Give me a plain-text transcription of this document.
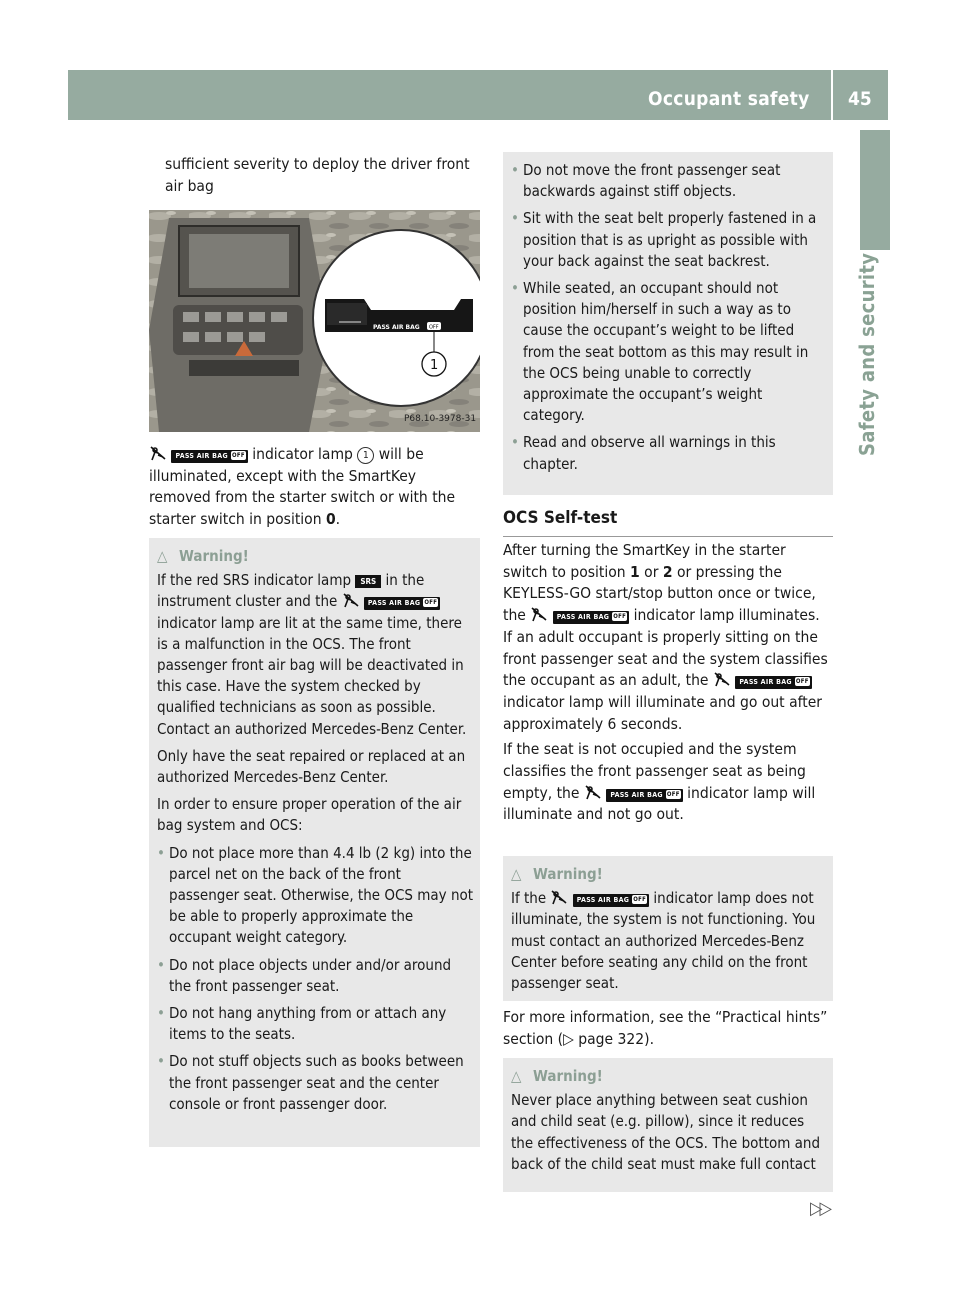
Occupant safety 45
Safety and security

sufficient severity to deploy the driver front air bag

PASS AIR BAG OFF
1
P68.10-3978-31

PASS AIR BAG OFF indicator lamp 1 will be illuminated, except with the SmartKey removed from the starter switch or with the starter switch in position 0.

△ Warning!

If the red SRS indicator lamp SRS in the instrument cluster and the	PASS AIR BAG OFF indicator lamp are lit at the same time, there is a malfunction in the OCS. The front passenger front air bag will be deactivated in this case. Have the system checked by qualified technicians as soon as possible. Contact an authorized Mercedes-Benz Center.

Only have the seat repaired or replaced at an authorized Mercedes-Benz Center.

In order to ensure proper operation of the air bag system and OCS:

• Do not place more than 4.4 lb (2 kg) into the parcel net on the back of the front passenger seat. Otherwise, the OCS may not be able to properly approximate the occupant weight category.
• Do not place objects under and/or around the front passenger seat.
• Do not hang anything from or attach any items to the seats.
• Do not stuff objects such as books between the front passenger seat and the center console or front passenger door.
• Do not move the front passenger seat backwards against stiff objects.
• Sit with the seat belt properly fastened in a position that is as upright as possible with your back against the seat backrest.
• While seated, an occupant should not position him/herself in such a way as to cause the occupant’s weight to be lifted from the seat bottom as this may result in the OCS being unable to correctly approximate the occupant’s weight category.
• Read and observe all warnings in this chapter.

OCS Self-test

After turning the SmartKey in the starter switch to position 1 or 2 or pressing the KEYLESS-GO start/stop button once or twice, the	PASS AIR BAG OFF indicator lamp illuminates. If an adult occupant is properly sitting on the front passenger seat and the system classifies the occupant as an adult, the	PASS AIR BAG OFF indicator lamp will illuminate and go out after approximately 6 seconds.

If the seat is not occupied and the system classifies the front passenger seat as being empty, the	PASS AIR BAG OFF indicator lamp will illuminate and not go out.

△ Warning!

If the	PASS AIR BAG OFF indicator lamp does not illuminate, the system is not functioning. You must contact an authorized Mercedes-Benz Center before seating any child on the front passenger seat.

For more information, see the “Practical hints” section (▷ page 322).

△ Warning!

Never place anything between seat cushion and child seat (e.g. pillow), since it reduces the effectiveness of the OCS. The bottom and back of the child seat must make full contact

▷▷
